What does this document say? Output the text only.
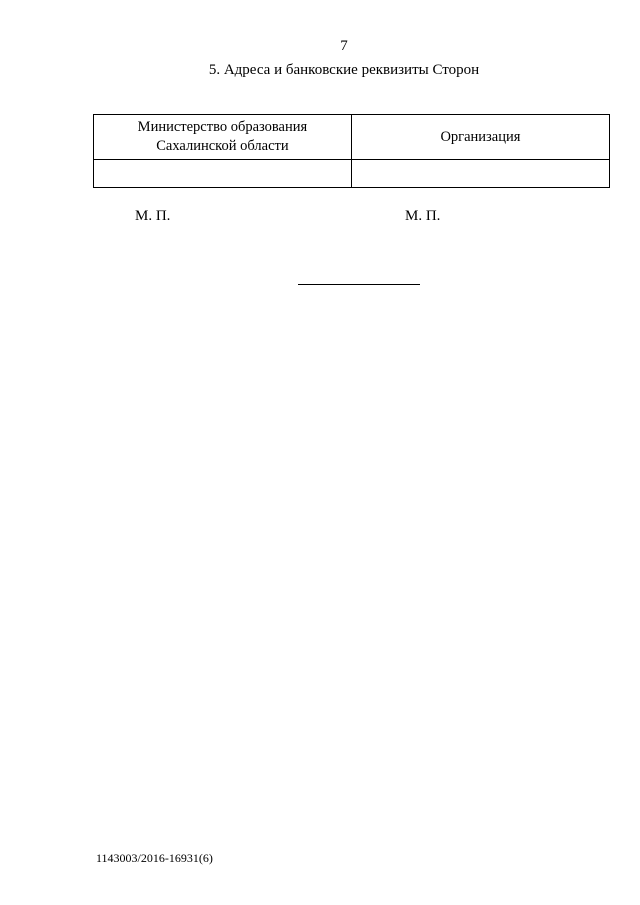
7
5. Адреса и банковские реквизиты Сторон
Министерство образования Сахалинской области	Организация

М. П.	М. П.
1143003/2016-16931(6)
